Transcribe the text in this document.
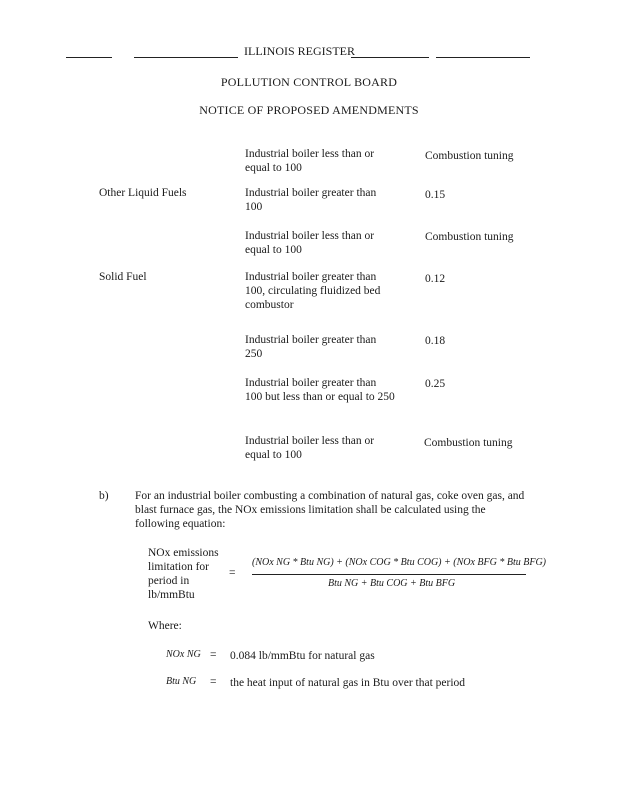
ILLINOIS REGISTER
POLLUTION CONTROL BOARD
NOTICE OF PROPOSED AMENDMENTS
Industrial boiler less than or equal to 100
Combustion tuning
Other Liquid Fuels	Industrial boiler greater than 100
0.15
Industrial boiler less than or equal to 100
Combustion tuning
Solid Fuel	Industrial boiler greater than 100, circulating fluidized bed combustor
0.12
Industrial boiler greater than 250
0.18
Industrial boiler greater than 100 but less than or equal to 250
0.25
Industrial boiler less than or equal to 100
Combustion tuning
b) For an industrial boiler combusting a combination of natural gas, coke oven gas, and blast furnace gas, the NOx emissions limitation shall be calculated using the following equation:
NOx emissions limitation for period in lb/mmBtu
=
(NOx NG * Btu NG) + (NOx COG * Btu COG) + (NOx BFG * Btu BFG)
Btu NG + Btu COG + Btu BFG
Where:
NOx NG = 0.084 lb/mmBtu for natural gas
Btu NG = the heat input of natural gas in Btu over that period
